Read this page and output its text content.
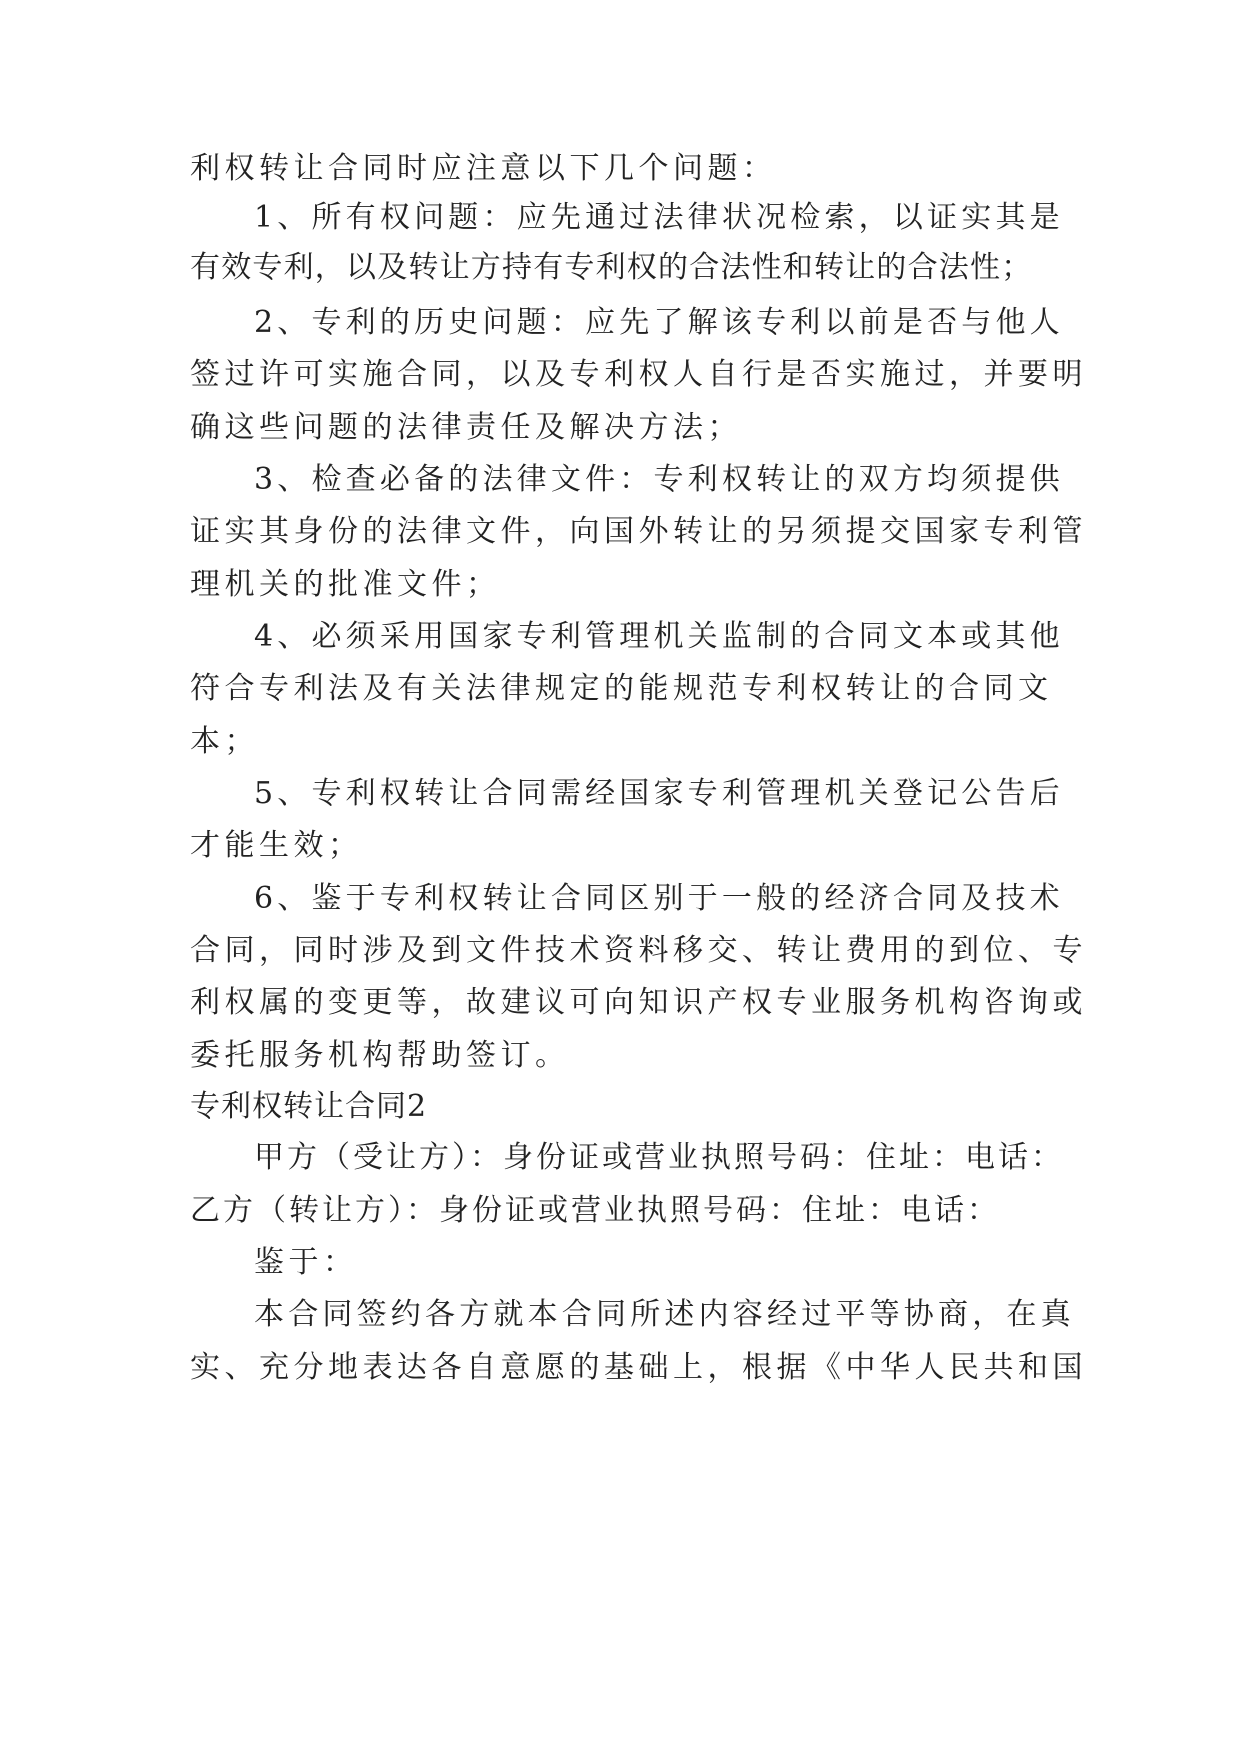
利权转让合同时应注意以下几个问题：
1、所有权问题：应先通过法律状况检索，以证实其是
有效专利，以及转让方持有专利权的合法性和转让的合法性；
2、专利的历史问题：应先了解该专利以前是否与他人
签过许可实施合同，以及专利权人自行是否实施过，并要明
确这些问题的法律责任及解决方法；
3、检查必备的法律文件：专利权转让的双方均须提供
证实其身份的法律文件，向国外转让的另须提交国家专利管
理机关的批准文件；
4、必须采用国家专利管理机关监制的合同文本或其他
符合专利法及有关法律规定的能规范专利权转让的合同文
本；
5、专利权转让合同需经国家专利管理机关登记公告后
才能生效；
6、鉴于专利权转让合同区别于一般的经济合同及技术
合同，同时涉及到文件技术资料移交、转让费用的到位、专
利权属的变更等，故建议可向知识产权专业服务机构咨询或
委托服务机构帮助签订。
专利权转让合同2
甲方（受让方）：身份证或营业执照号码：住址：电话：
乙方（转让方）：身份证或营业执照号码：住址：电话：
鉴于：
本合同签约各方就本合同所述内容经过平等协商，在真
实、充分地表达各自意愿的基础上，根据《中华人民共和国
